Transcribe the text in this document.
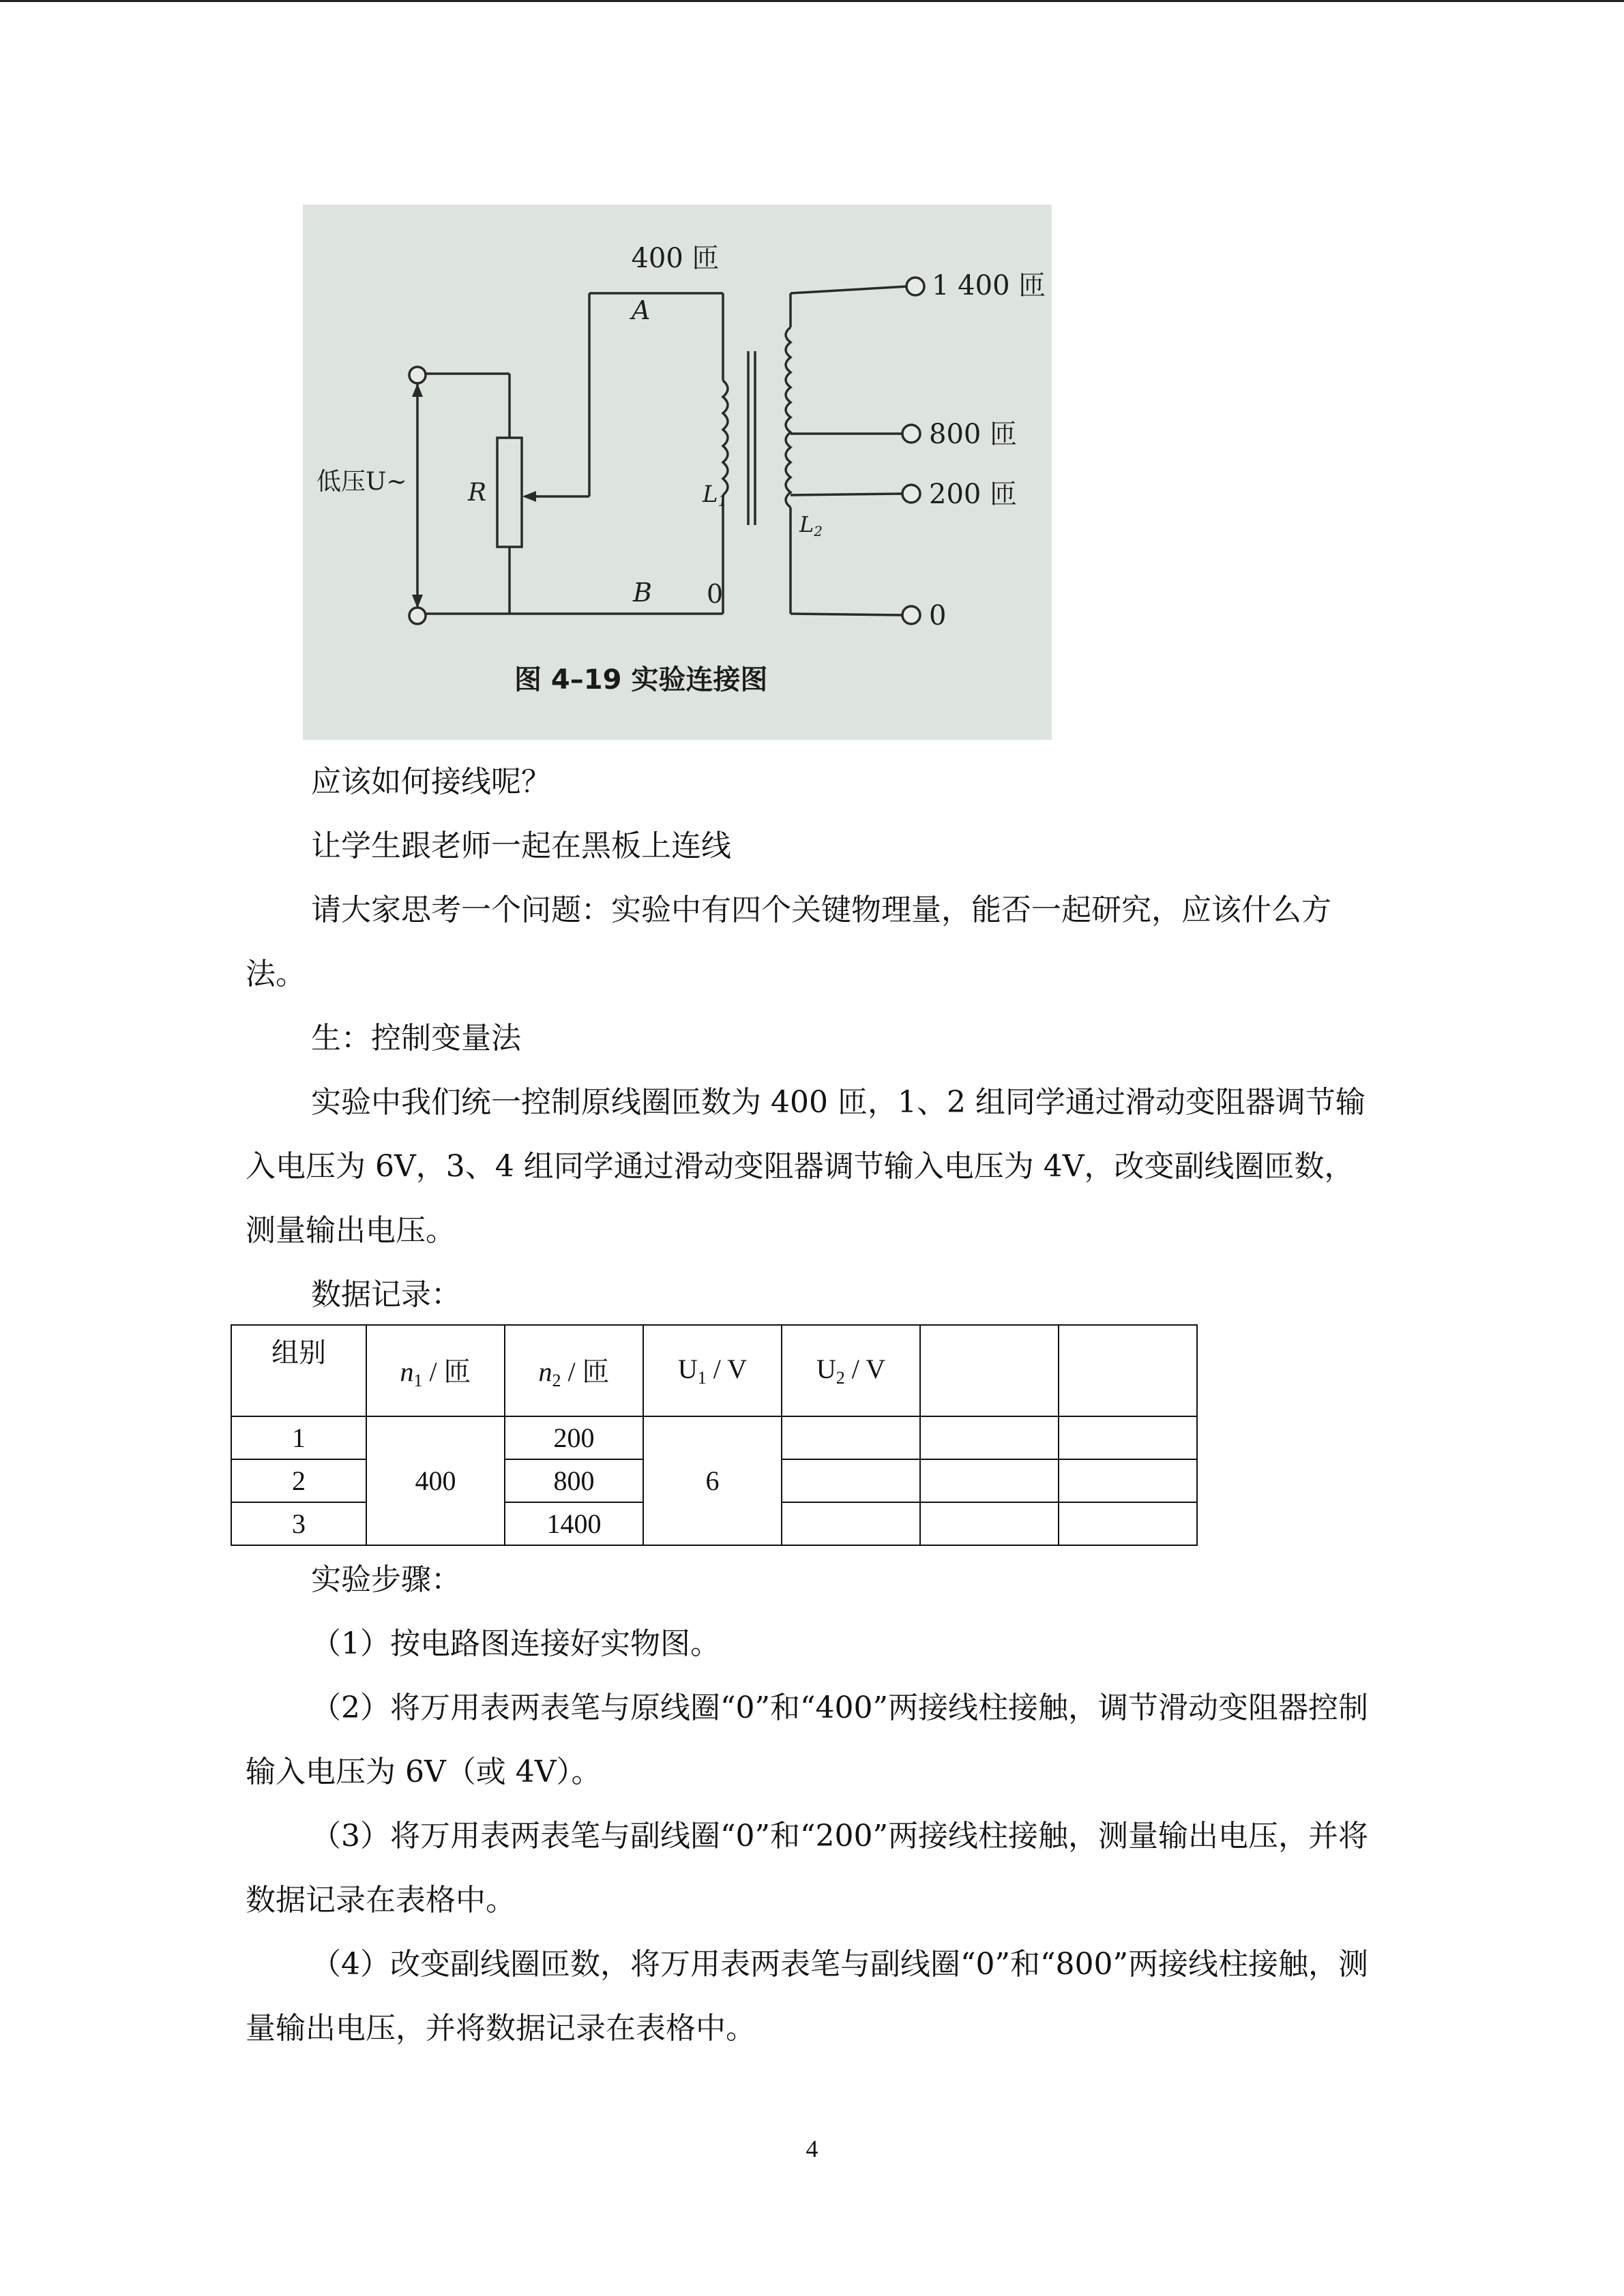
400 匝
1 400 匝
800 匝
200 匝
0
A
B 0
R	L1
L2
低压U~
图 4–19 实验连接图

应该如何接线呢？

让学生跟老师一起在黑板上连线

请大家思考一个问题：实验中有四个关键物理量，能否一起研究，应该什么方法。

生：控制变量法

实验中我们统一控制原线圈匝数为 400 匝，1、2 组同学通过滑动变阻器调节输入电压为 6V，3、4 组同学通过滑动变阻器调节输入电压为 4V，改变副线圈匝数，测量输出电压。

数据记录：

组别	$n_1$ / 匝	$n_2$ / 匝	$U_1$ / V	$U_2$ / V		
1	400	200	6			
2		800				
3		1400				

实验步骤：

（1）按电路图连接好实物图。

（2）将万用表两表笔与原线圈“0”和“400”两接线柱接触，调节滑动变阻器控制输入电压为 6V（或 4V）。

（3）将万用表两表笔与副线圈“0”和“200”两接线柱接触，测量输出电压，并将数据记录在表格中。

（4）改变副线圈匝数，将万用表两表笔与副线圈“0”和“800”两接线柱接触，测量输出电压，并将数据记录在表格中。

4
